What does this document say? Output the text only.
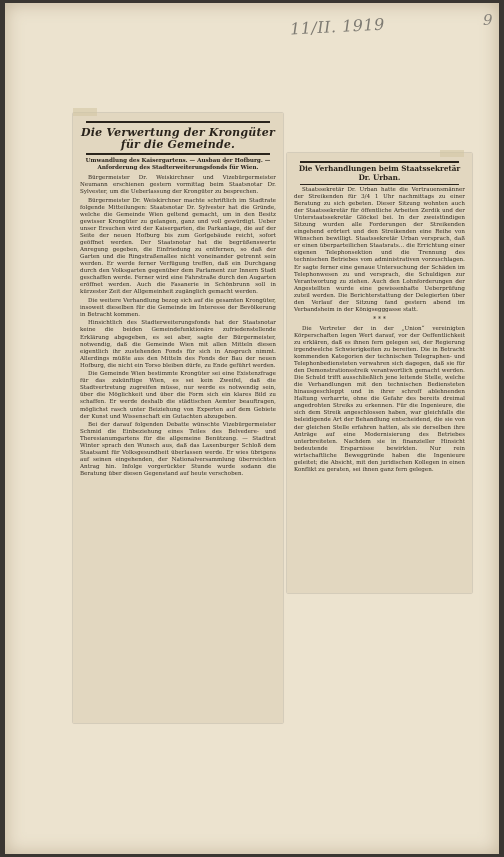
11/II. 1919	9
Die Verwertung der Krongüter für die Gemeinde.
Umwandlung des Kaisergartens. — Ausbau der Hofburg. — Anforderung des Stadterweiterungsfonds für Wien.

Bürgermeister Dr. Weiskirchner und Vizebürgermeister Neumann erschienen gestern vormittag beim Staatsnotar Dr. Sylvester, um die Ueberlassung der Krongüter zu besprechen.

Bürgermeister Dr. Weiskirchner machte schriftlich im Stadtrate folgende Mitteilungen: Staatsnotar Dr. Sylvester hat die Gründe, welche die Gemeinde Wien geltend gemacht, um in den Besitz gewisser Krongüter zu gelangen, ganz und voll gewürdigt. Ueber unser Ersuchen wird der Kaisergarten, die Parkanlage, die auf der Seite der neuen Hofburg bis zum Gorlgebäude reicht, sofort geöffnet werden. Der Staatsnotar hat die begrüßenswerte Anregung gegeben, die Einfriedung zu entfernen, so daß der Garten und die Ringstraßenallee nicht voneinander getrennt sein werden. Er werde ferner Verfügung treffen, daß ein Durchgang durch den Volksgarten gegenüber dem Parlament zur Innern Stadt geschaffen werde. Ferner wird eine Fahrstraße durch den Augarten eröffnet werden. Auch die Fasanerie in Schönbrunn soll in kürzester Zeit der Allgemeinheit zugänglich gemacht werden.

Die weitere Verhandlung bezog sich auf die gesamten Krongüter, insoweit dieselben für die Gemeinde im Interesse der Bevölkerung in Betracht kommen.

Hinsichtlich des Stadterweiterungsfonds hat der Staatsnotar keine die beiden Gemeindefunktionäre zufriedenstellende Erklärung abgegeben, es sei aber, sagte der Bürgermeister, notwendig, daß die Gemeinde Wien mit allen Mitteln diesen eigentlich ihr zustehenden Fonds für sich in Anspruch nimmt. Allerdings müßte aus den Mitteln des Fonds der Bau der neuen Hofburg, die nicht ein Torso bleiben dürfe, zu Ende geführt werden.

Die Gemeinde Wien bestimmte Krongüter sei eine Existenzfrage für das zukünftige Wien, es sei kein Zweifel, daß die Stadtvertretung zugreifen müsse, nur werde es notwendig sein, über die Möglichkeit und über die Form sich ein klares Bild zu schaffen. Er werde deshalb die städtischen Aemter beauftragen, möglichst rasch unter Beiziehung von Experten auf dem Gebiete der Kunst und Wissenschaft ein Gutachten abzugeben.

Bei der darauf folgenden Debatte wünschte Vizebürgermeister Schmid die Einbeziehung eines Teiles des Belvedere- und Theresianumgartens für die allgemeine Benützung. — Stadtrat Winter sprach den Wunsch aus, daß das Laxenburger Schloß dem Staatsamt für Volksgesundheit überlassen werde. Er wies übrigens auf seinen eingehenden, der Nationalversammlung überreichten Antrag hin. Infolge vorgerückter Stunde wurde sodann die Beratung über diesen Gegenstand auf heute verschoben.

Die Verhandlungen beim Staatssekretär Dr. Urban.

Staatssekretär Dr. Urban hatte die Vertrauensmänner der Streikenden für 3/4 1 Uhr nachmittags zu einer Beratung zu sich gebeten. Dieser Sitzung wohnten auch der Staatssekretär für öffentliche Arbeiten Zerdik und der Unterstaatssekretär Glöckel bei. In der zweistündigen Sitzung wurden alle Forderungen der Streikenden eingehend erörtert und den Streikenden eine Reihe von Wünschen bewilligt. Staatssekretär Urban versprach, daß er einen überparteilichen Staatsrats... die Errichtung einer eigenen Telephonsektion und die Trennung des technischen Betriebes vom administrativen vorzuschlagen. Er sagte ferner eine genaue Untersuchung der Schäden im Telephonwesen zu und versprach, die Schuldigen zur Verantwortung zu ziehen. Auch den Lohnforderungen der Angestellten wurde eine gewissenhafte Ueberprüfung zuteil werden. Die Berichterstattung der Delegierten über den Verlauf der Sitzung fand gestern abend im Verbandsheim in der Königsegggasse statt.

* * *

Die Vertreter der in der „Union“ vereinigten Körperschaften legen Wert darauf, vor der Oeffentlichkeit zu erklären, daß es ihnen fern gelegen sei, der Regierung irgendwelche Schwierigkeiten zu bereiten. Die in Betracht kommenden Kategorien der technischen Telegraphen- und Telephonbediensteten verwahren sich dagegen, daß sie für den Demonstrationsstreik verantwortlich gemacht werden. Die Schuld trifft ausschließlich jene leitende Stelle, welche die Verhandlungen mit den technischen Bediensteten hinausgeschleppt und in ihrer schroff ablehnenden Haltung verharrte, ohne die Gefahr des bereits dreimal angedrohten Streiks zu erkennen. Für die Ingenieure, die sich dem Streik angeschlossen haben, war gleichfalls die beleidigende Art der Behandlung entscheidend, die sie von der gleichen Stelle erfahren hatten, als sie derselben ihre Anträge auf eine Modernisierung des Betriebes unterbreiteten. Nachdem sie in finanzieller Hinsicht bedeutende Ersparnisse bewirkten. Nur rein wirtschaftliche Beweggründe haben die Ingenieure geleitet; die Absicht, mit den juridischen Kollegen in einen Konflikt zu geraten, sei ihnen ganz fern gelegen.
